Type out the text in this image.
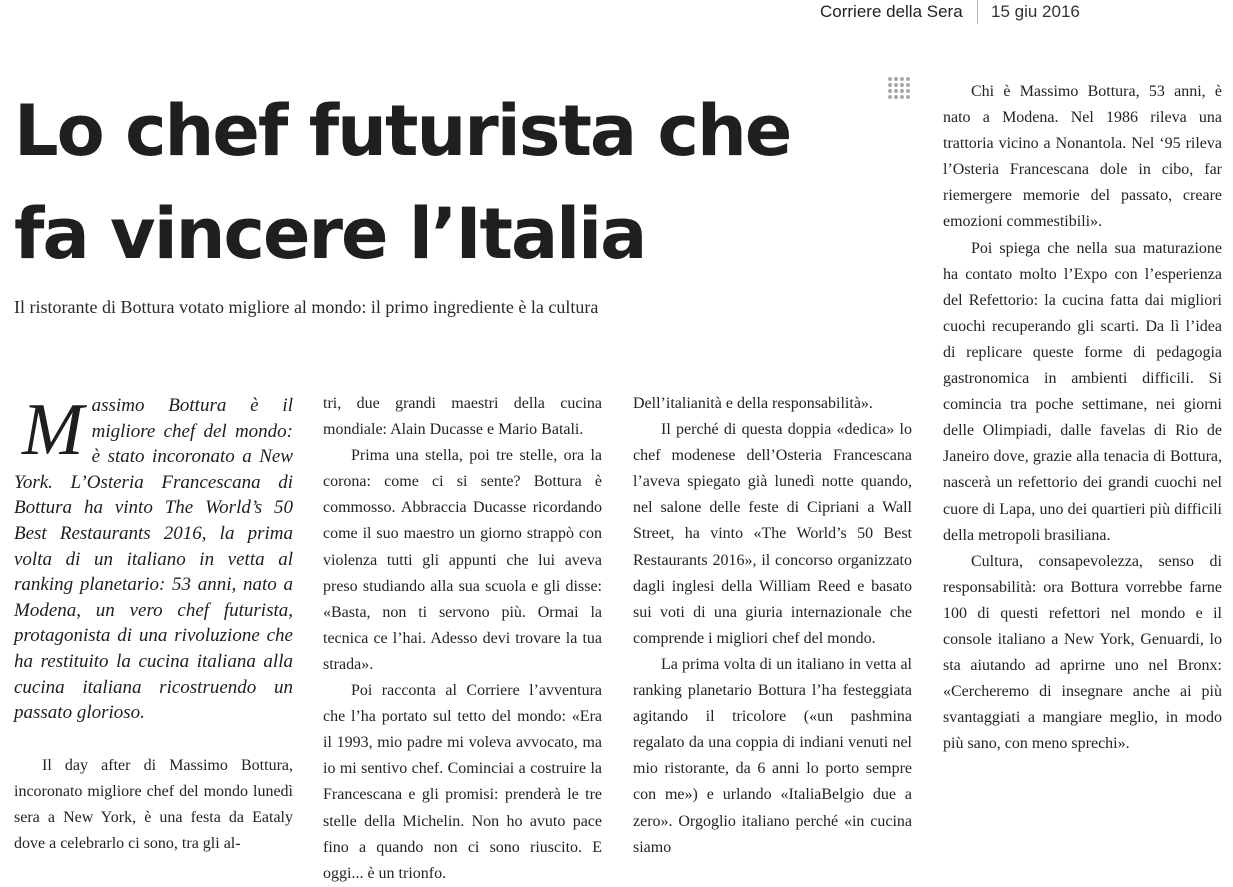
Corriere della Sera 15 giu 2016
Lo chef futurista che
fa vincere l’Italia

Il ristorante di Bottura votato migliore al mondo: il primo ingrediente è la cultura

Massimo Bottura è il migliore chef del mondo: è stato incoronato a New York. L’Osteria Francescana di Bottura ha vinto The World’s 50 Best Restaurants 2016, la prima volta di un italiano in vetta al ranking planetario: 53 anni, nato a Modena, un vero chef futurista, protagonista di una rivoluzione che ha restituito la cucina italiana alla cucina italiana ricostruendo un passato glorioso.

Il day after di Massimo Bottura, incoronato migliore chef del mondo lunedì sera a New York, è una festa da Eataly dove a celebrarlo ci sono, tra gli al-

tri, due grandi maestri della cucina mondiale: Alain Ducasse e Mario Batali.

Prima una stella, poi tre stelle, ora la corona: come ci si sente? Bottura è commosso. Abbraccia Ducasse ricordando come il suo maestro un giorno strappò con violenza tutti gli appunti che lui aveva preso studiando alla sua scuola e gli disse: «Basta, non ti servono più. Ormai la tecnica ce l’hai. Adesso devi trovare la tua strada».

Poi racconta al Corriere l’avventura che l’ha portato sul tetto del mondo: «Era il 1993, mio padre mi voleva avvocato, ma io mi sentivo chef. Cominciai a costruire la Francescana e gli promisi: prenderà le tre stelle della Michelin. Non ho avuto pace fino a quando non ci sono riuscito. E oggi... è un trionfo.

Dell’italianità e della responsabilità».

Il perché di questa doppia «dedica» lo chef modenese dell’Osteria Francescana l’aveva spiegato già lunedì notte quando, nel salone delle feste di Cipriani a Wall Street, ha vinto «The World’s 50 Best Restaurants 2016», il concorso organizzato dagli inglesi della William Reed e basato sui voti di una giuria internazionale che comprende i migliori chef del mondo.

La prima volta di un italiano in vetta al ranking planetario Bottura l’ha festeggiata agitando il tricolore («un pashmina regalato da una coppia di indiani venuti nel mio ristorante, da 6 anni lo porto sempre con me») e urlando «ItaliaBelgio due a zero». Orgoglio italiano perché «in cucina siamo

Chi è Massimo Bottura, 53 anni, è nato a Modena. Nel 1986 rileva una trattoria vicino a Nonantola. Nel ‘95 rileva l’Osteria Francescana dole in cibo, far riemergere memorie del passato, creare emozioni commestibili».

Poi spiega che nella sua maturazione ha contato molto l’Expo con l’esperienza del Refettorio: la cucina fatta dai migliori cuochi recuperando gli scarti. Da lì l’idea di replicare queste forme di pedagogia gastronomica in ambienti difficili. Si comincia tra poche settimane, nei giorni delle Olimpiadi, dalle favelas di Rio de Janeiro dove, grazie alla tenacia di Bottura, nascerà un refettorio dei grandi cuochi nel cuore di Lapa, uno dei quartieri più difficili della metropoli brasiliana.

Cultura, consapevolezza, senso di responsabilità: ora Bottura vorrebbe farne 100 di questi refettori nel mondo e il console italiano a New York, Genuardi, lo sta aiutando ad aprirne uno nel Bronx: «Cercheremo di insegnare anche ai più svantaggiati a mangiare meglio, in modo più sano, con meno sprechi».
